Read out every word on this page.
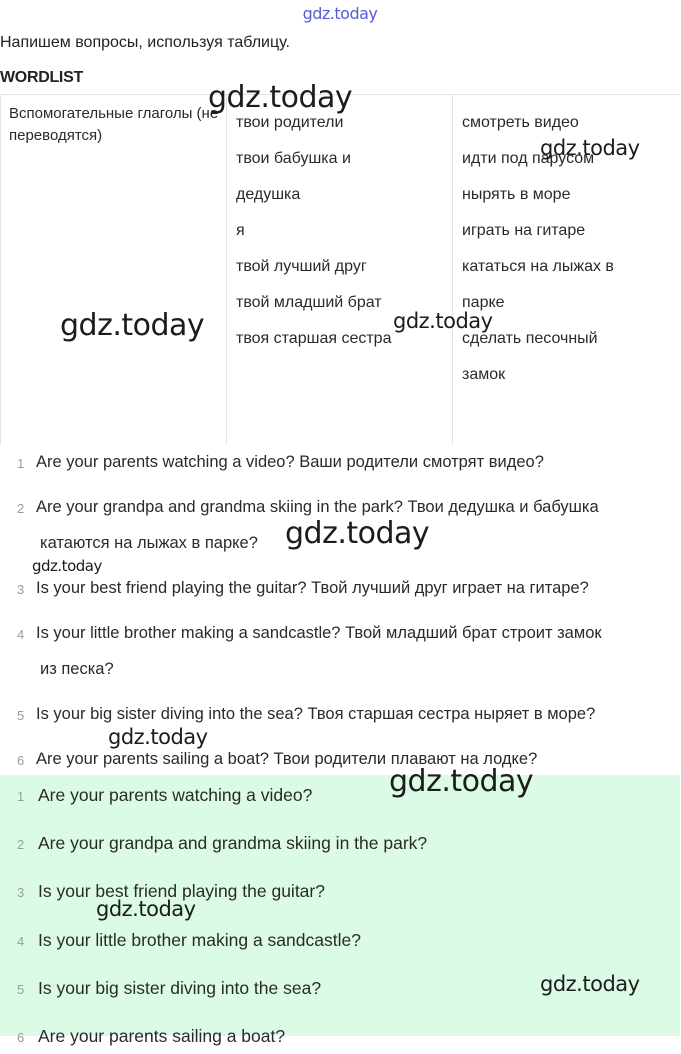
gdz.today
Напишем вопросы, используя таблицу.
WORDLIST
Вспомогательные глаголы (не переводятся)
твои родители
твои бабушка и
дедушка
я
твой лучший друг
твой младший брат
твоя старшая сестра
смотреть видео
идти под парусом
нырять в море
играть на гитаре
кататься на лыжах в
парке
сделать песочный
замок
1 Are your parents watching a video? Ваши родители смотрят видео?
2 Are your grandpa and grandma skiing in the park? Твои дедушка и бабушка
катаются на лыжах в парке?
3 Is your best friend playing the guitar? Твой лучший друг играет на гитаре?
4 Is your little brother making a sandcastle? Твой младший брат строит замок
из песка?
5 Is your big sister diving into the sea? Твоя старшая сестра ныряет в море?
6 Are your parents sailing a boat? Твои родители плавают на лодке?
1 Are your parents watching a video?
2 Are your grandpa and grandma skiing in the park?
3 Is your best friend playing the guitar?
4 Is your little brother making a sandcastle?
5 Is your big sister diving into the sea?
6 Are your parents sailing a boat?
gdz.today
gdz.today
gdz.today	gdz.today
gdz.today
gdz.today
gdz.today
gdz.today
gdz.today
gdz.today
